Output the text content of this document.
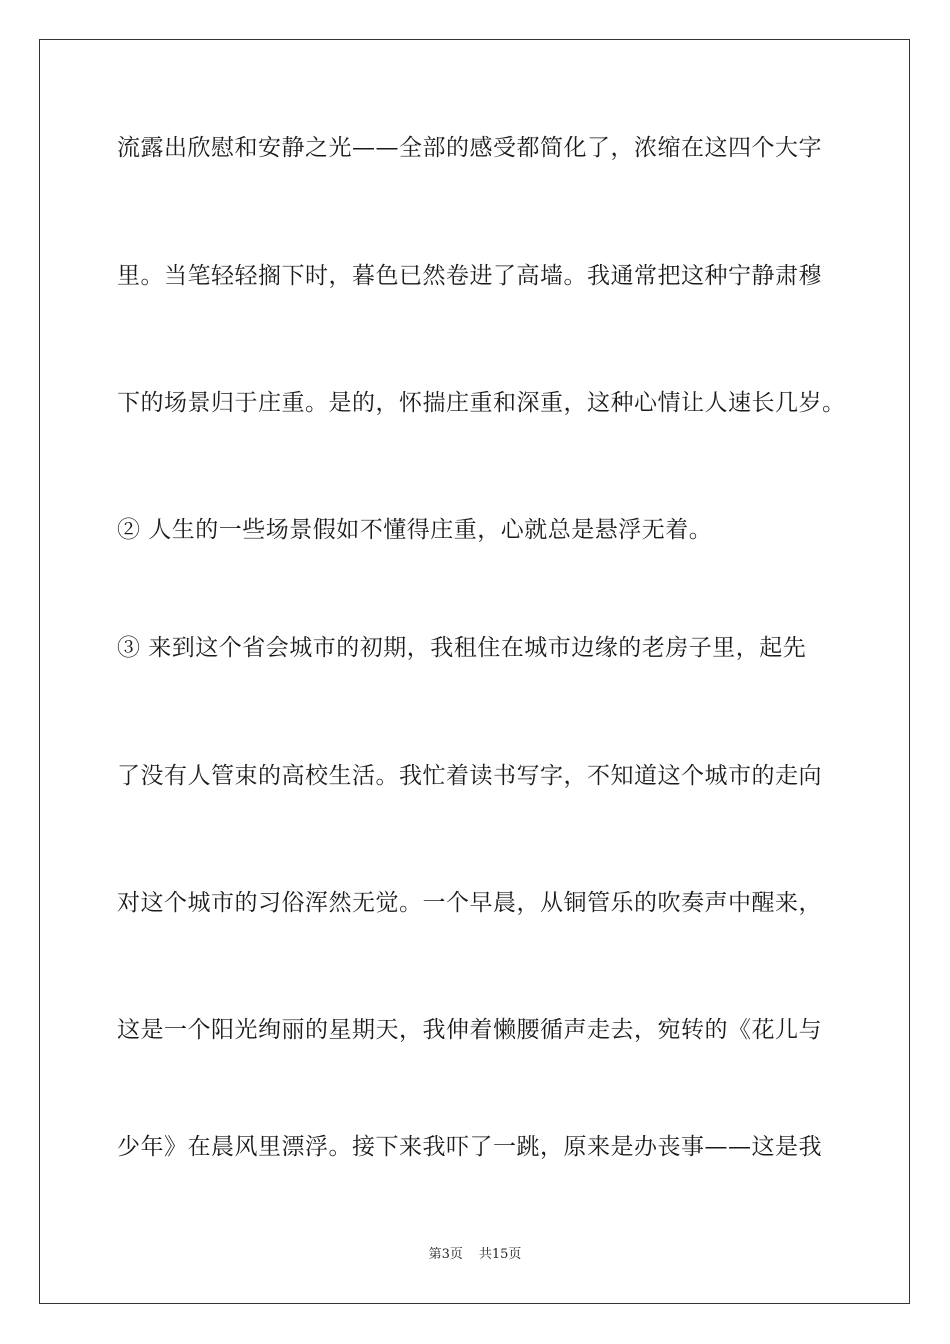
流露出欣慰和安静之光——全部的感受都简化了，浓缩在这四个大字
里。当笔轻轻搁下时，暮色已然卷进了高墙。我通常把这种宁静肃穆
下的场景归于庄重。是的，怀揣庄重和深重，这种心情让人速长几岁。
② 人生的一些场景假如不懂得庄重，心就总是悬浮无着。
③ 来到这个省会城市的初期，我租住在城市边缘的老房子里，起先
了没有人管束的高校生活。我忙着读书写字，不知道这个城市的走向
对这个城市的习俗浑然无觉。一个早晨，从铜管乐的吹奏声中醒来，
这是一个阳光绚丽的星期天，我伸着懒腰循声走去，宛转的《花儿与
少年》在晨风里漂浮。接下来我吓了一跳，原来是办丧事——这是我
第3页 共15页
